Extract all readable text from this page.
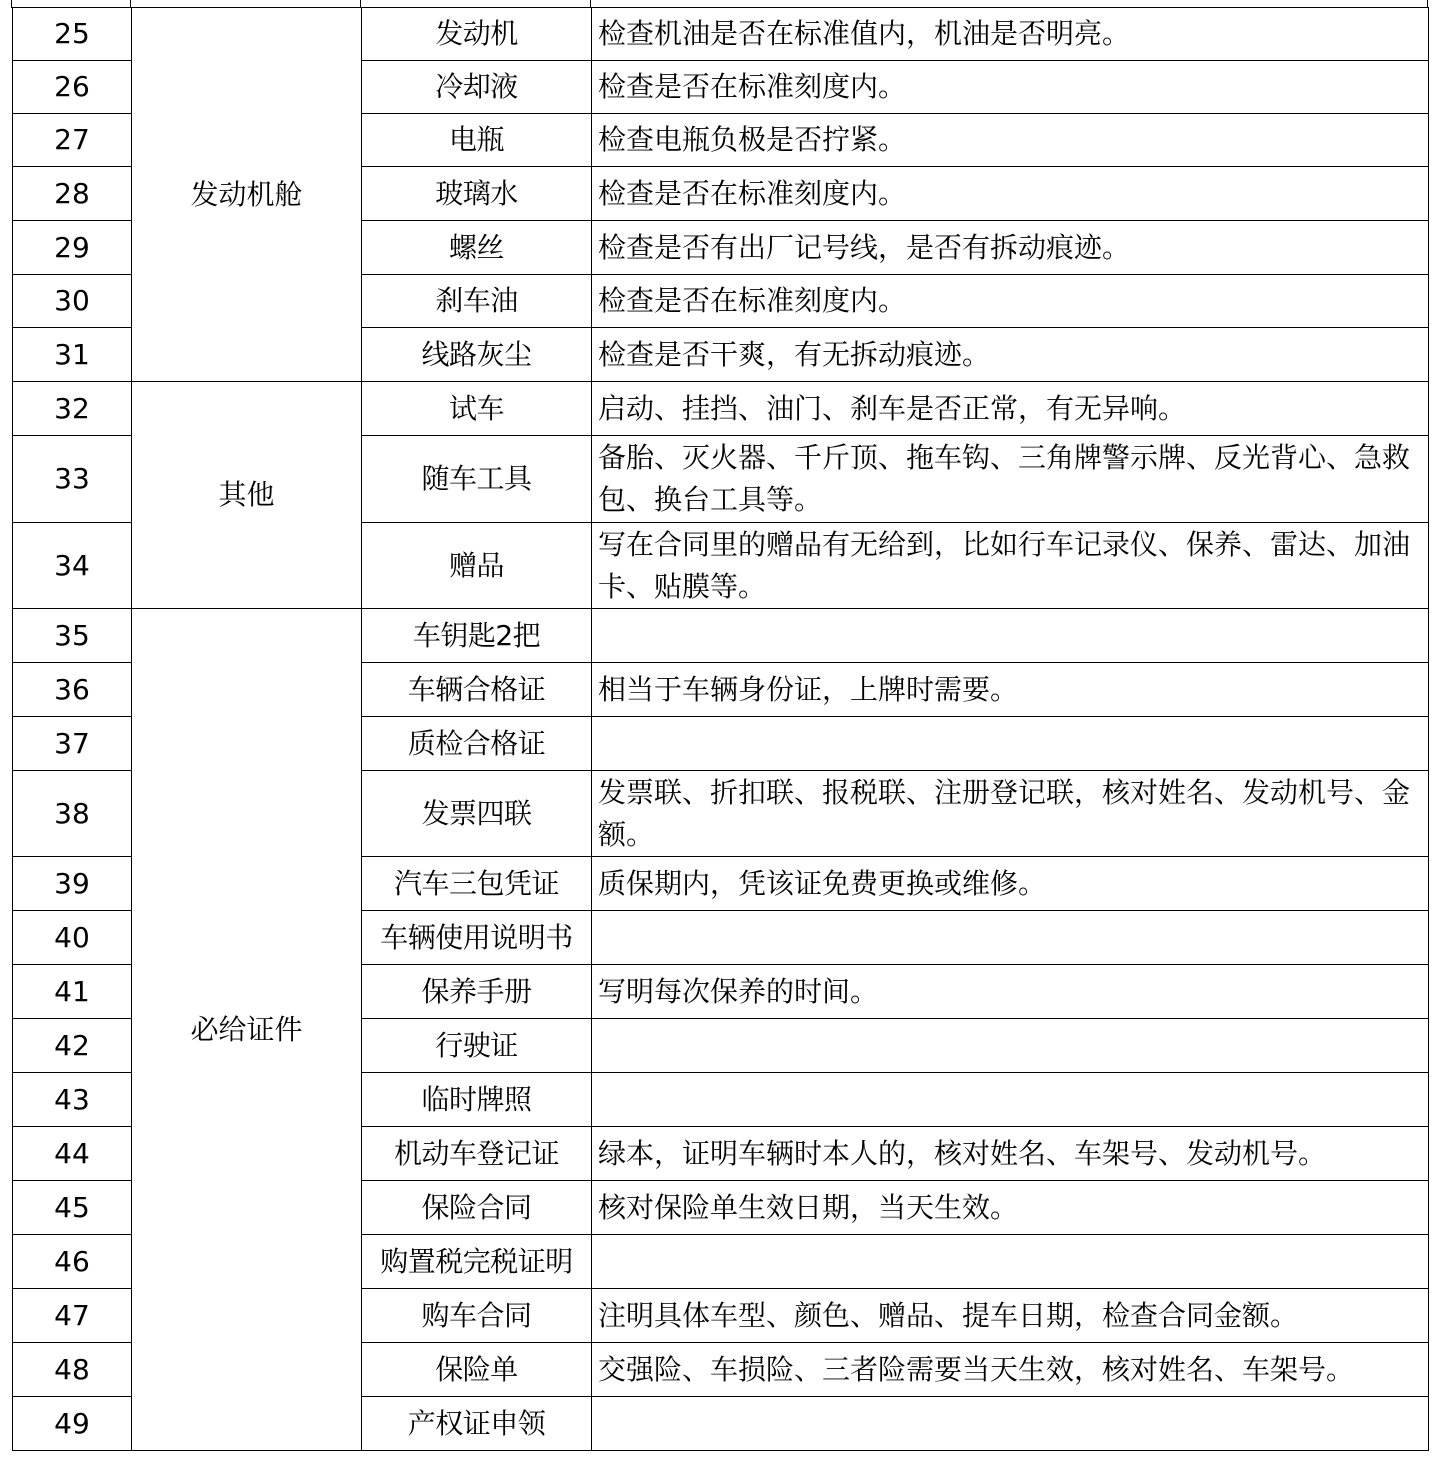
25	发动机舱	发动机	检查机油是否在标准值内，机油是否明亮。
26		冷却液	检查是否在标准刻度内。
27		电瓶	检查电瓶负极是否拧紧。
28		玻璃水	检查是否在标准刻度内。
29		螺丝	检查是否有出厂记号线，是否有拆动痕迹。
30		刹车油	检查是否在标准刻度内。
31		线路灰尘	检查是否干爽，有无拆动痕迹。
32	其他	试车	启动、挂挡、油门、刹车是否正常，有无异响。
33		随车工具	备胎、灭火器、千斤顶、拖车钩、三角牌警示牌、反光背心、急救包、换台工具等。
34		赠品	写在合同里的赠品有无给到，比如行车记录仪、保养、雷达、加油卡、贴膜等。
35	必给证件	车钥匙2把	
36		车辆合格证	相当于车辆身份证，上牌时需要。
37		质检合格证	
38		发票四联	发票联、折扣联、报税联、注册登记联，核对姓名、发动机号、金额。
39		汽车三包凭证	质保期内，凭该证免费更换或维修。
40		车辆使用说明书	
41		保养手册	写明每次保养的时间。
42		行驶证	
43		临时牌照	
44		机动车登记证	绿本，证明车辆时本人的，核对姓名、车架号、发动机号。
45		保险合同	核对保险单生效日期，当天生效。
46		购置税完税证明	
47		购车合同	注明具体车型、颜色、赠品、提车日期，检查合同金额。
48		保险单	交强险、车损险、三者险需要当天生效，核对姓名、车架号。
49		产权证申领	
